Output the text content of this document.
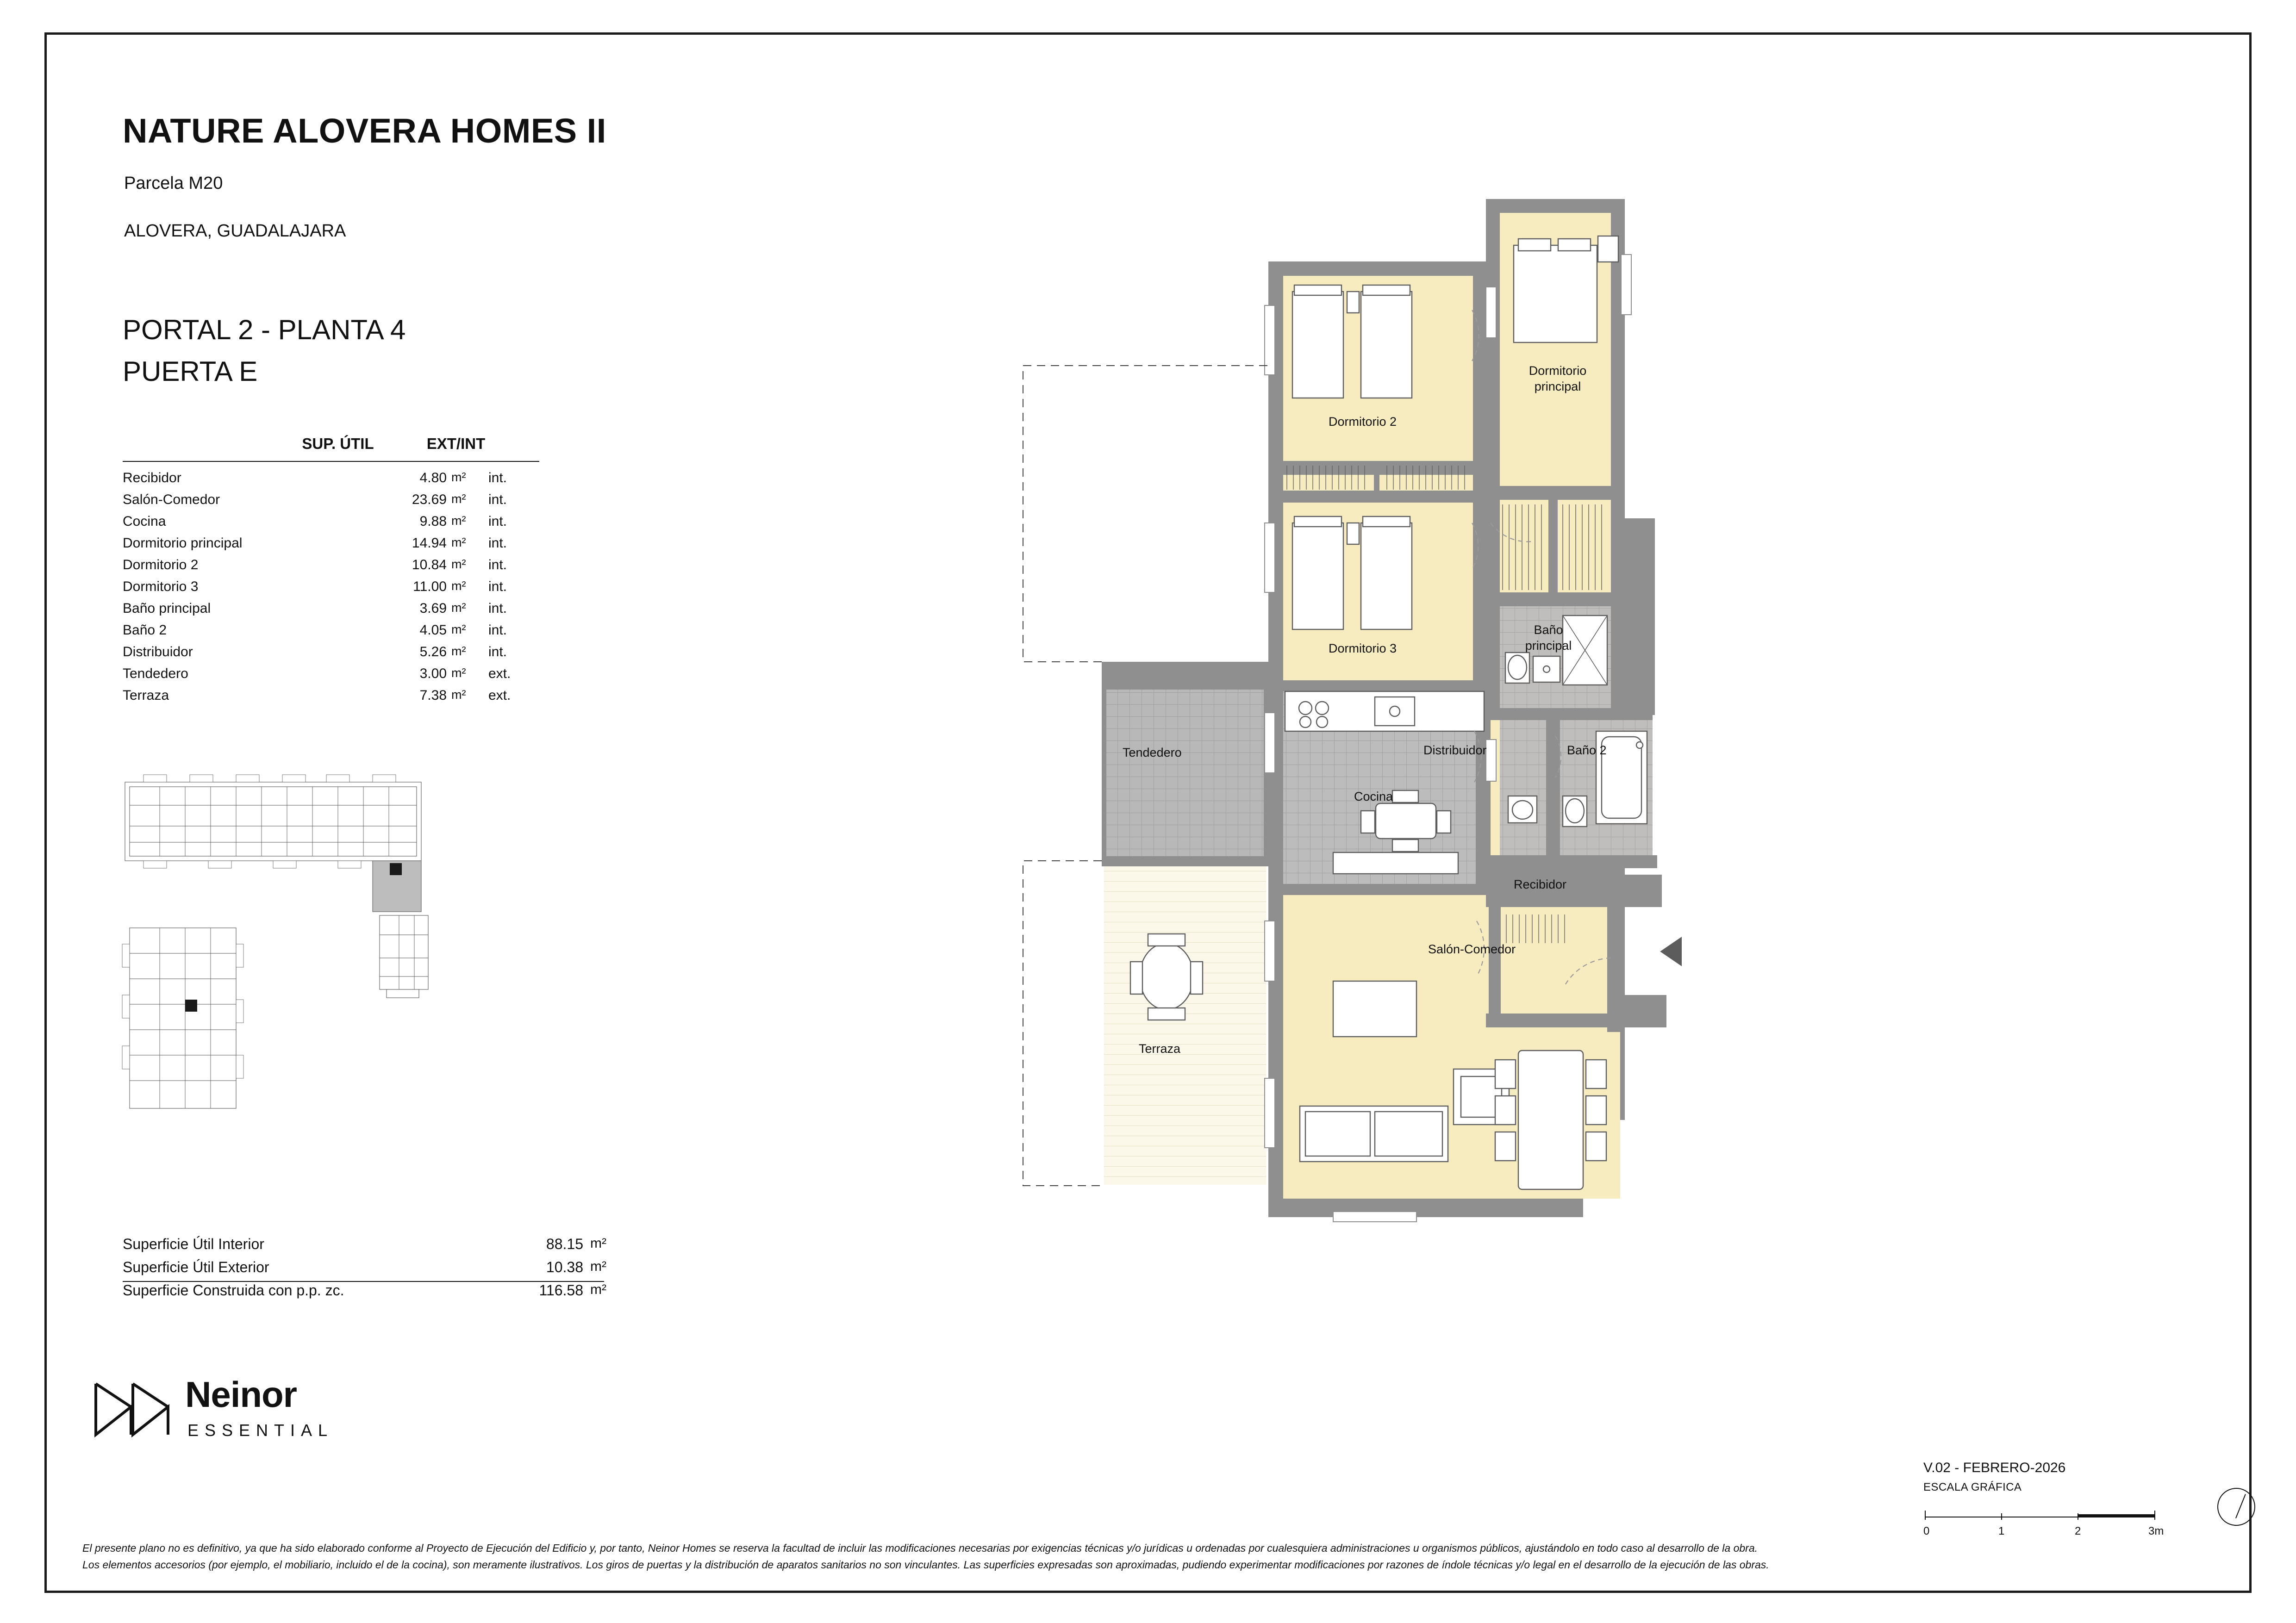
NATURE ALOVERA HOMES II
Parcela M20
ALOVERA, GUADALAJARA
PORTAL 2 - PLANTA 4
PUERTA E
SUP. ÚTIL	EXT/INT
Recibidor	4.80 m² int.
Salón-Comedor	23.69 m² int.
Cocina	9.88 m² int.
Dormitorio principal	14.94 m² int.
Dormitorio 2	10.84 m² int.
Dormitorio 3	11.00 m² int.
Baño principal	3.69 m² int.
Baño 2	4.05 m² int.
Distribuidor	5.26 m² int.
Tendedero	3.00 m² ext.
Terraza	7.38 m² ext.
Superficie Útil Interior	88.15 m²
Superficie Útil Exterior	10.38 m²
Superficie Construida con p.p. zc.	116.58 m²
Neinor
ESSENTIAL
V.02 - FEBRERO-2026
ESCALA GRÁFICA
0	1	2	3m
El presente plano no es definitivo, ya que ha sido elaborado conforme al Proyecto de Ejecución del Edificio y, por tanto, Neinor Homes se reserva la facultad de incluir las modificaciones necesarias por exigencias técnicas y/o jurídicas u ordenadas por cualesquiera administraciones u organismos públicos, ajustándolo en todo caso al desarrollo de la obra.
Los elementos accesorios (por ejemplo, el mobiliario, incluido el de la cocina), son meramente ilustrativos. Los giros de puertas y la distribución de aparatos sanitarios no son vinculantes. Las superficies expresadas son aproximadas, pudiendo experimentar modificaciones por razones de índole técnicas y/o legal en el desarrollo de la ejecución de las obras.
Dormitorio
principal
Dormitorio 2
Dormitorio 3
Baño
principal
Baño 2
Distribuidor
Recibidor
Cocina
Tendedero
Salón-Comedor
Terraza
